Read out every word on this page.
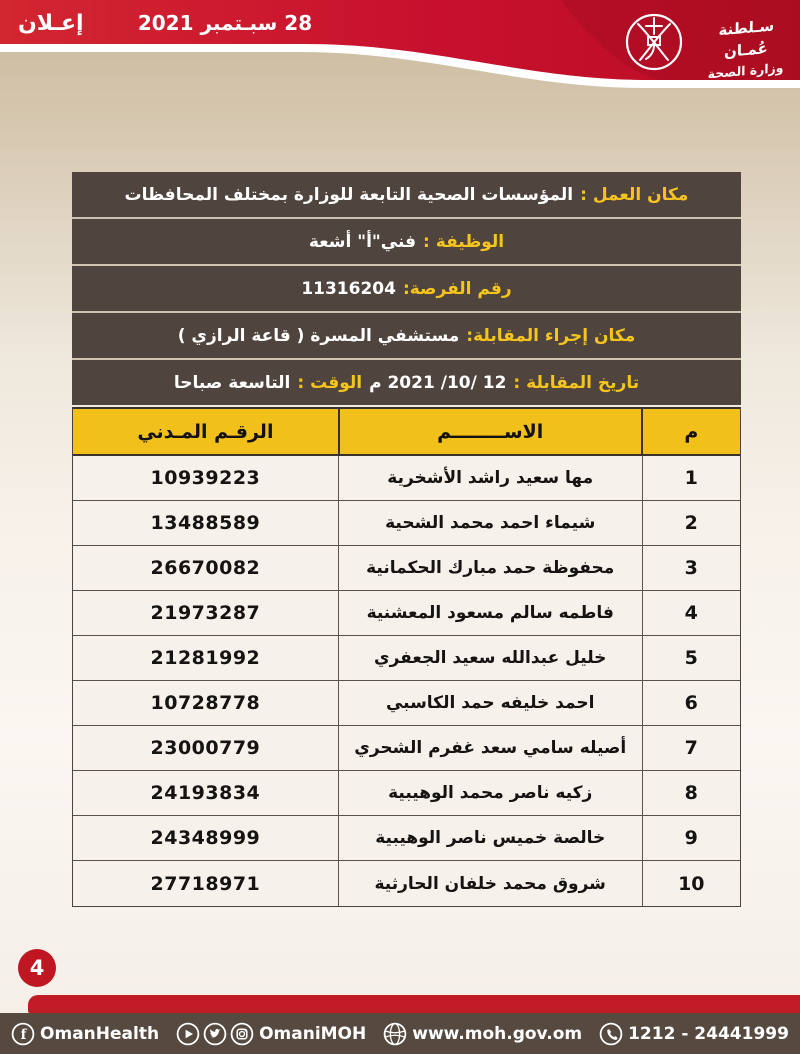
إعـلان	28 سبـتمبر 2021	سـلطنة عُمـان
وزارة الصحة
مكان العمل :
المؤسسات الصحية التابعة للوزارة بمختلف المحافظات
الوظيفة :
فني"أ" أشعة
رقم الفرصة:
11316204
مكان إجراء المقابلة:
مستشفي المسرة ( قاعة الرازي )
تاريخ المقابلة :
12 /10/ 2021 م
الوقت :
التاسعة صباحا
الرقـم المـدني	الاســــــــم	م
10939223	مها سعيد راشد الأشخرية	1
13488589	شيماء احمد محمد الشحية	2
26670082	محفوظة حمد مبارك الحكمانية	3
21973287	فاطمه سالم مسعود المعشنية	4
21281992	خليل عبدالله سعيد الجعفري	5
10728778	احمد خليفه حمد الكاسبي	6
23000779	أصيله سامي سعد غفرم الشحري	7
24193834	زكيه ناصر محمد الوهيبية	8
24348999	خالصة خميس ناصر الوهيبية	9
27718971	شروق محمد خلفان الحارثية	10
4
f OmanHealth	OmaniMOH	www.moh.gov.om	1212 - 24441999
